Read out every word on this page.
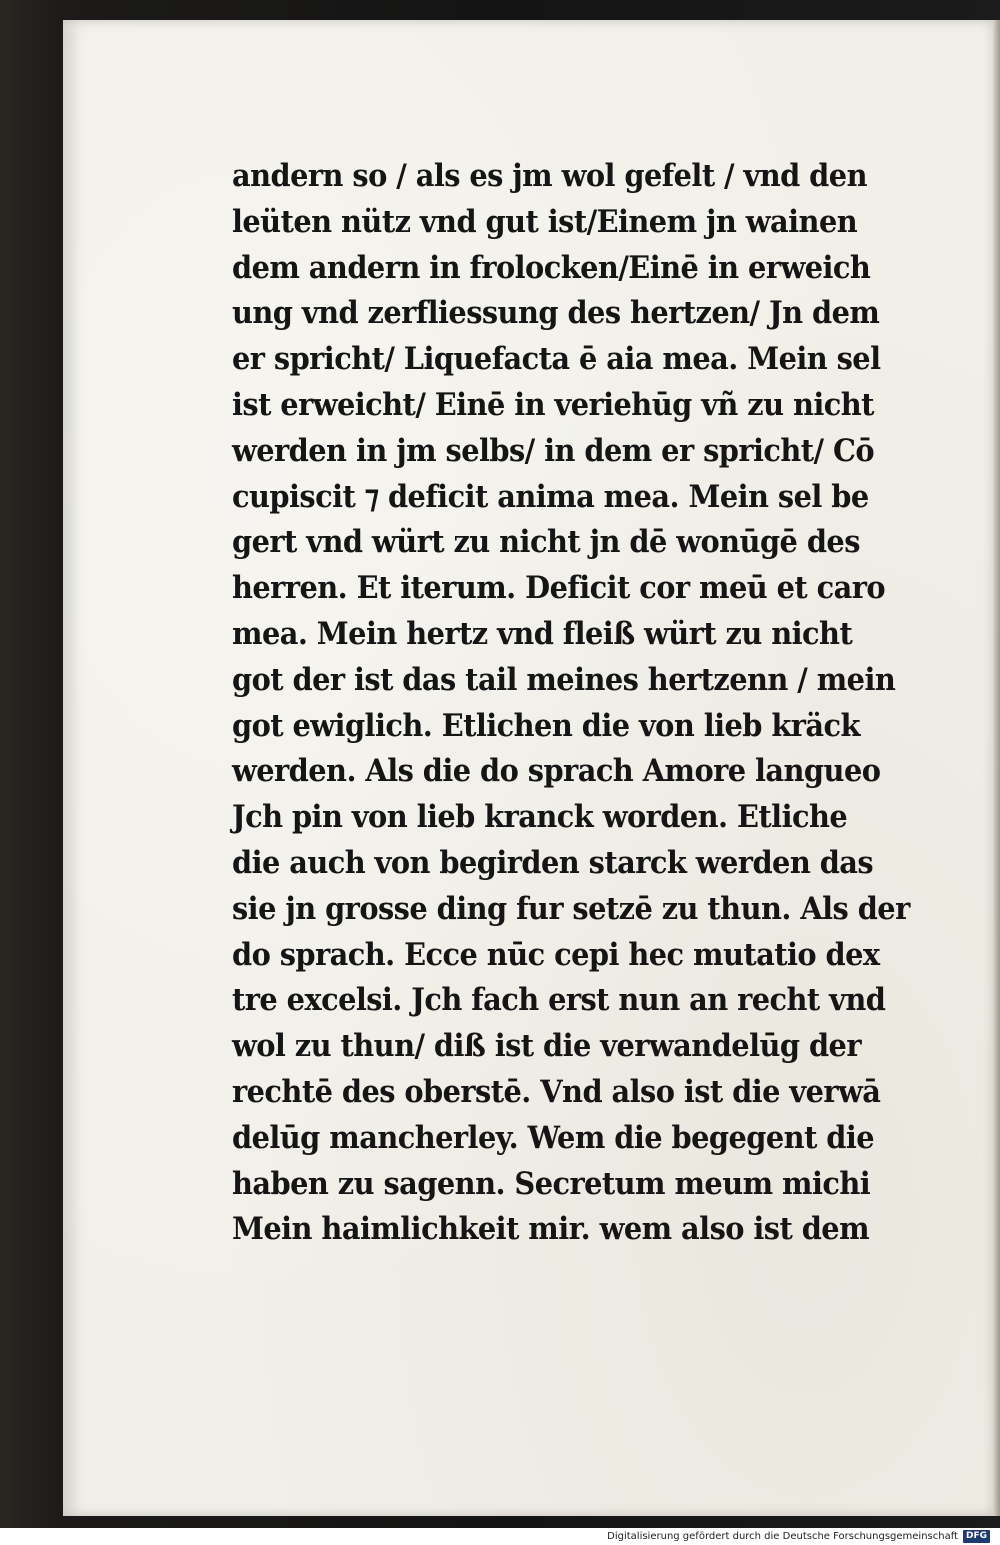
andern so / als es jm wol gefelt / vnd den
leüten nütz vnd gut ist/Einem jn wainen
dem andern in frolocken/Einē in erweich
ung vnd zerfliessung des hertzen/ Jn dem
er spricht/ Liquefacta ē aia mea. Mein sel
ist erweicht/ Einē in veriehūg vñ zu nicht
werden in jm selbs/ in dem er spricht/ Cō
cupiscit ⁊ deficit anima mea. Mein sel be
gert vnd würt zu nicht jn dē wonūgē des
herren. Et iterum. Deficit cor meū et caro
mea. Mein hertz vnd fleiß würt zu nicht
got der ist das tail meines hertzenn / mein
got ewiglich. Etlichen die von lieb kräck
werden. Als die do sprach Amore langueo
Jch pin von lieb kranck worden. Etliche
die auch von begirden starck werden das
sie jn grosse ding fur setzē zu thun. Als der
do sprach. Ecce nūc cepi hec mutatio dex
tre excelsi. Jch fach erst nun an recht vnd
wol zu thun/ diß ist die verwandelūg der
rechtē des oberstē. Vnd also ist die verwā
delūg mancherley. Wem die begegent die
haben zu sagenn. Secretum meum michi
Mein haimlichkeit mir. wem also ist dem
Digitalisierung gefördert durch die Deutsche Forschungsgemeinschaft DFG
